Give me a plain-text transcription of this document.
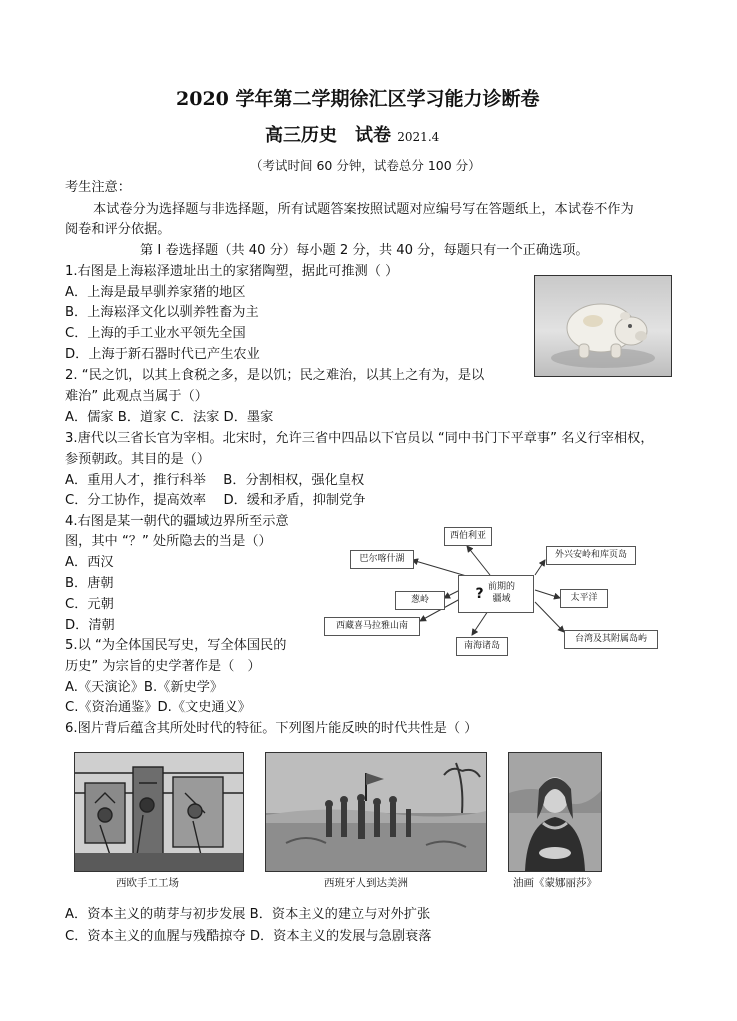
2020 学年第二学期徐汇区学习能力诊断卷
高三历史　试卷 2021.4
（考试时间 60 分钟，试卷总分 100 分）
考生注意：
本试卷分为选择题与非选择题，所有试题答案按照试题对应编号写在答题纸上，本试卷不作为
阅卷和评分依据。
第 I 卷选择题（共 40 分）每小题 2 分，共 40 分，每题只有一个正确选项。
1.右图是上海崧泽遗址出土的家猪陶塑，据此可推测（ ）
A．上海是最早驯养家猪的地区
B．上海崧泽文化以驯养牲畜为主
C．上海的手工业水平领先全国
D．上海于新石器时代已产生农业
2. “民之饥，以其上食税之多，是以饥；民之难治，以其上之有为，是以
难治” 此观点当属于（）
A．儒家 B．道家 C．法家 D．墨家
3.唐代以三省长官为宰相。北宋时，允许三省中四品以下官员以 “同中书门下平章事” 名义行宰相权，
参预朝政。其目的是（）
A．重用人才，推行科举　 B．分割相权，强化皇权
C．分工协作，提高效率　 D．缓和矛盾，抑制党争
4.右图是某一朝代的疆域边界所至示意
图，其中 “？” 处所隐去的当是（）
A．西汉
B．唐朝
C．元朝
D．清朝
? 前期的疆域
西伯利亚
巴尔喀什湖
葱岭
西藏喜马拉雅山南
南海诸岛
外兴安岭和库页岛
太平洋
台湾及其附属岛屿
5.以 “为全体国民写史，写全体国民的
历史” 为宗旨的史学著作是（　）
A.《天演论》B.《新史学》
C.《资治通鉴》D.《文史通义》
6.图片背后蕴含其所处时代的特征。下列图片能反映的时代共性是（ ）
西欧手工工场	西班牙人到达美洲	油画《蒙娜丽莎》
A．资本主义的萌芽与初步发展 B．资本主义的建立与对外扩张
C．资本主义的血腥与残酷掠夺 D．资本主义的发展与急剧衰落
